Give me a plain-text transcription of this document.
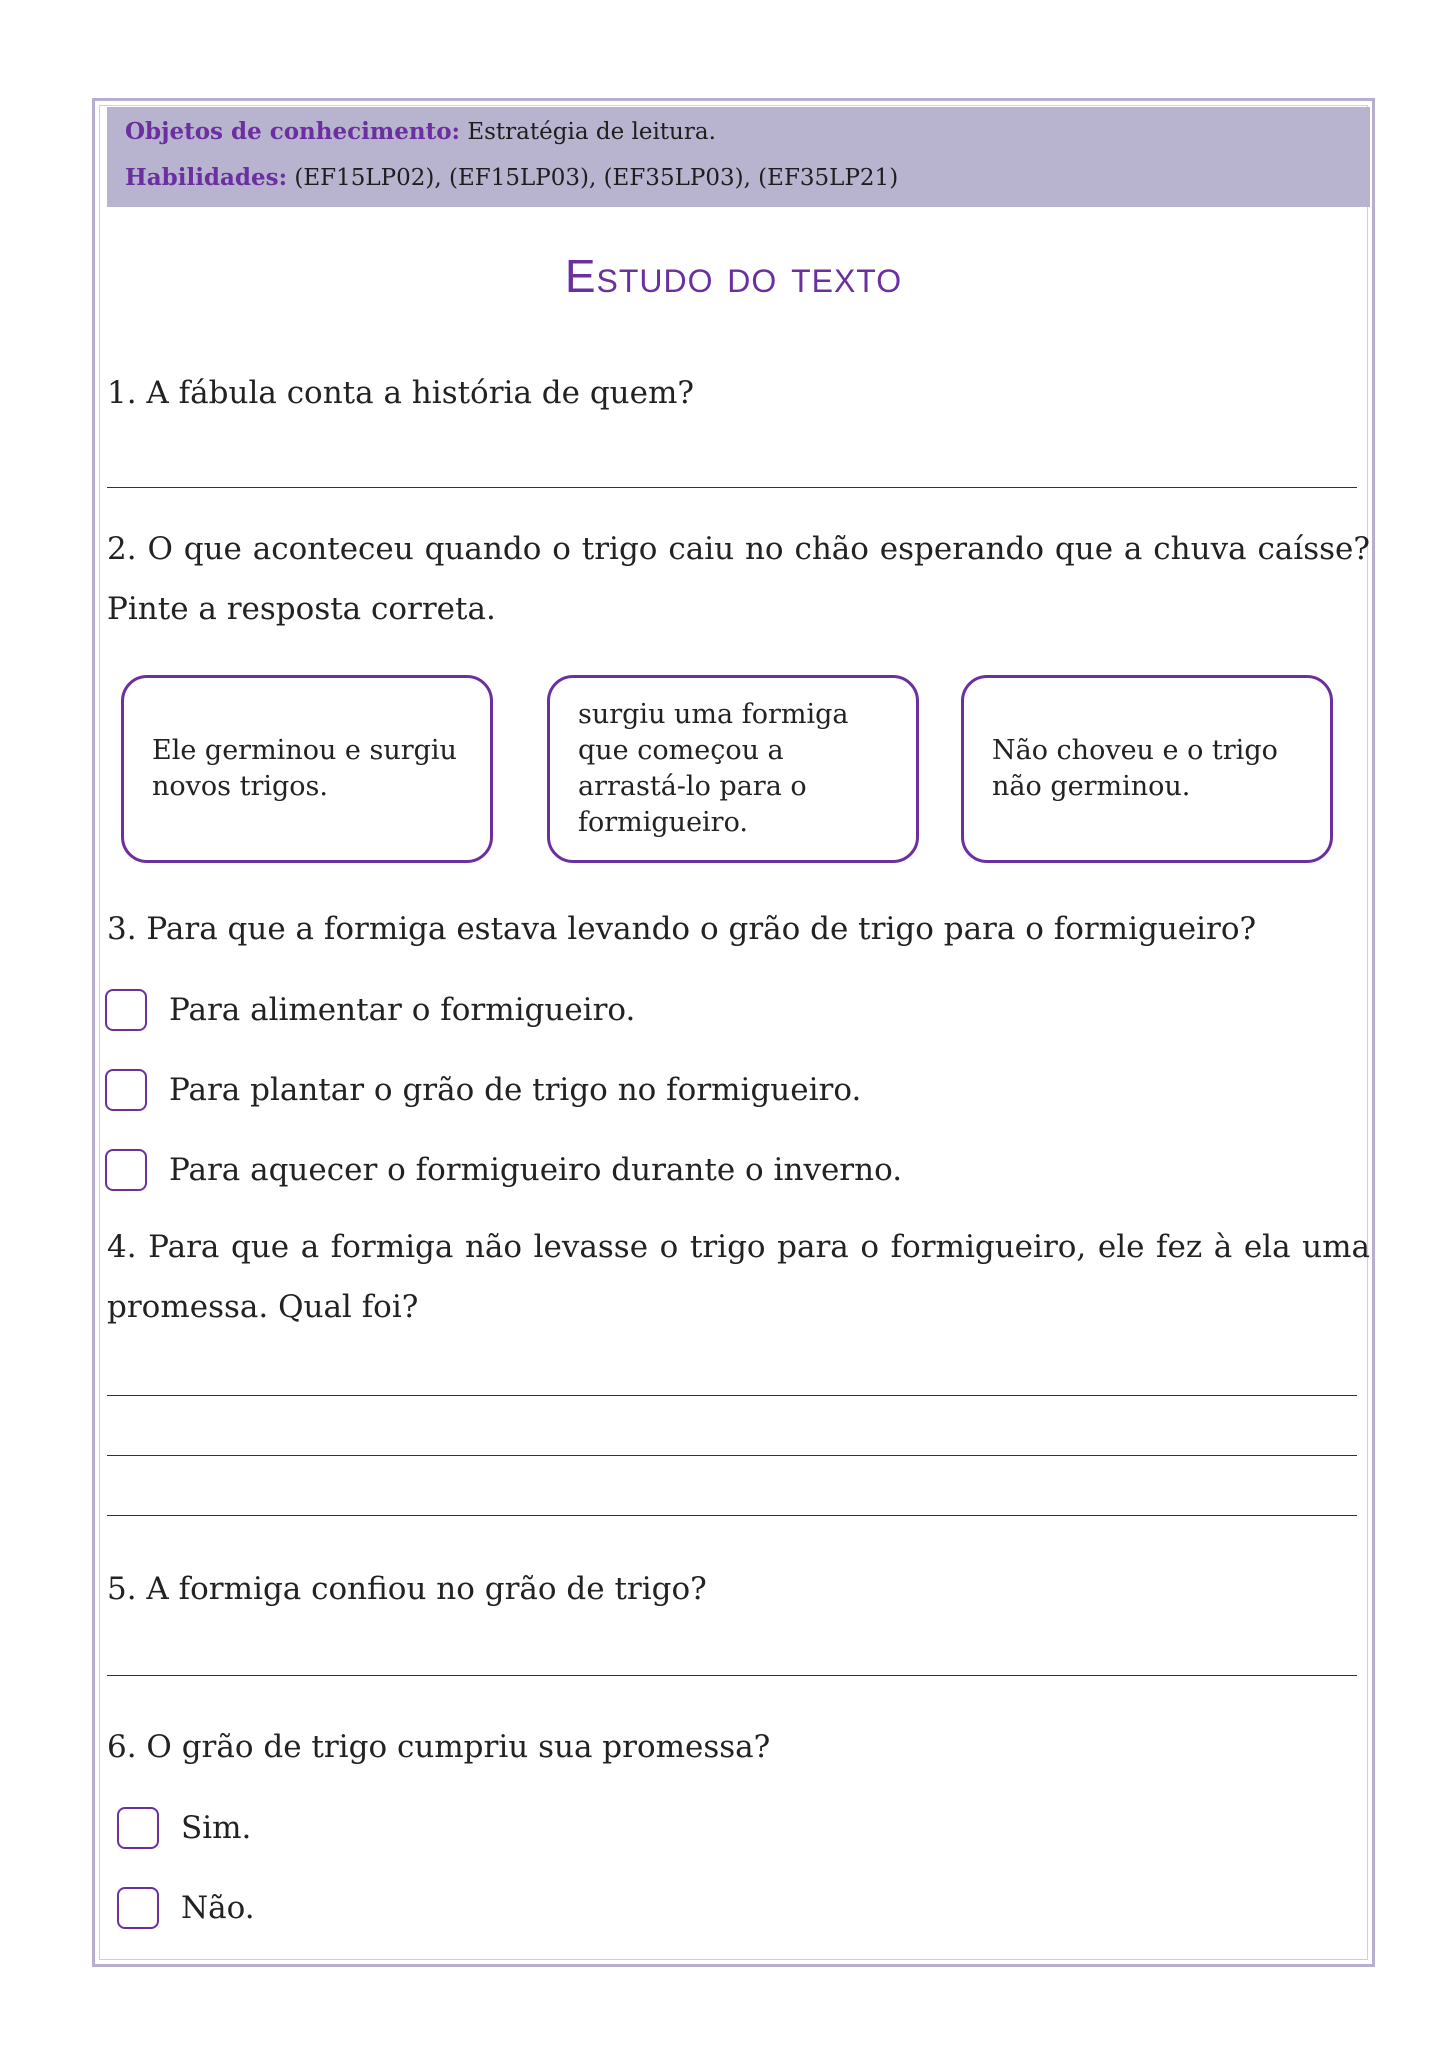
Objetos de conhecimento: Estratégia de leitura.
Habilidades: (EF15LP02), (EF15LP03), (EF35LP03), (EF35LP21)
Estudo do texto
1. A fábula conta a história de quem?
2. O que aconteceu quando o trigo caiu no chão esperando que a chuva caísse? Pinte a resposta correta.
Ele germinou e surgiu novos trigos.
surgiu uma formiga que começou a arrastá-lo para o formigueiro.
Não choveu e o trigo não germinou.
3. Para que a formiga estava levando o grão de trigo para o formigueiro?
Para alimentar o formigueiro.
Para plantar o grão de trigo no formigueiro.
Para aquecer o formigueiro durante o inverno.
4. Para que a formiga não levasse o trigo para o formigueiro, ele fez à ela uma promessa. Qual foi?
5. A formiga confiou no grão de trigo?
6. O grão de trigo cumpriu sua promessa?
Sim.
Não.
